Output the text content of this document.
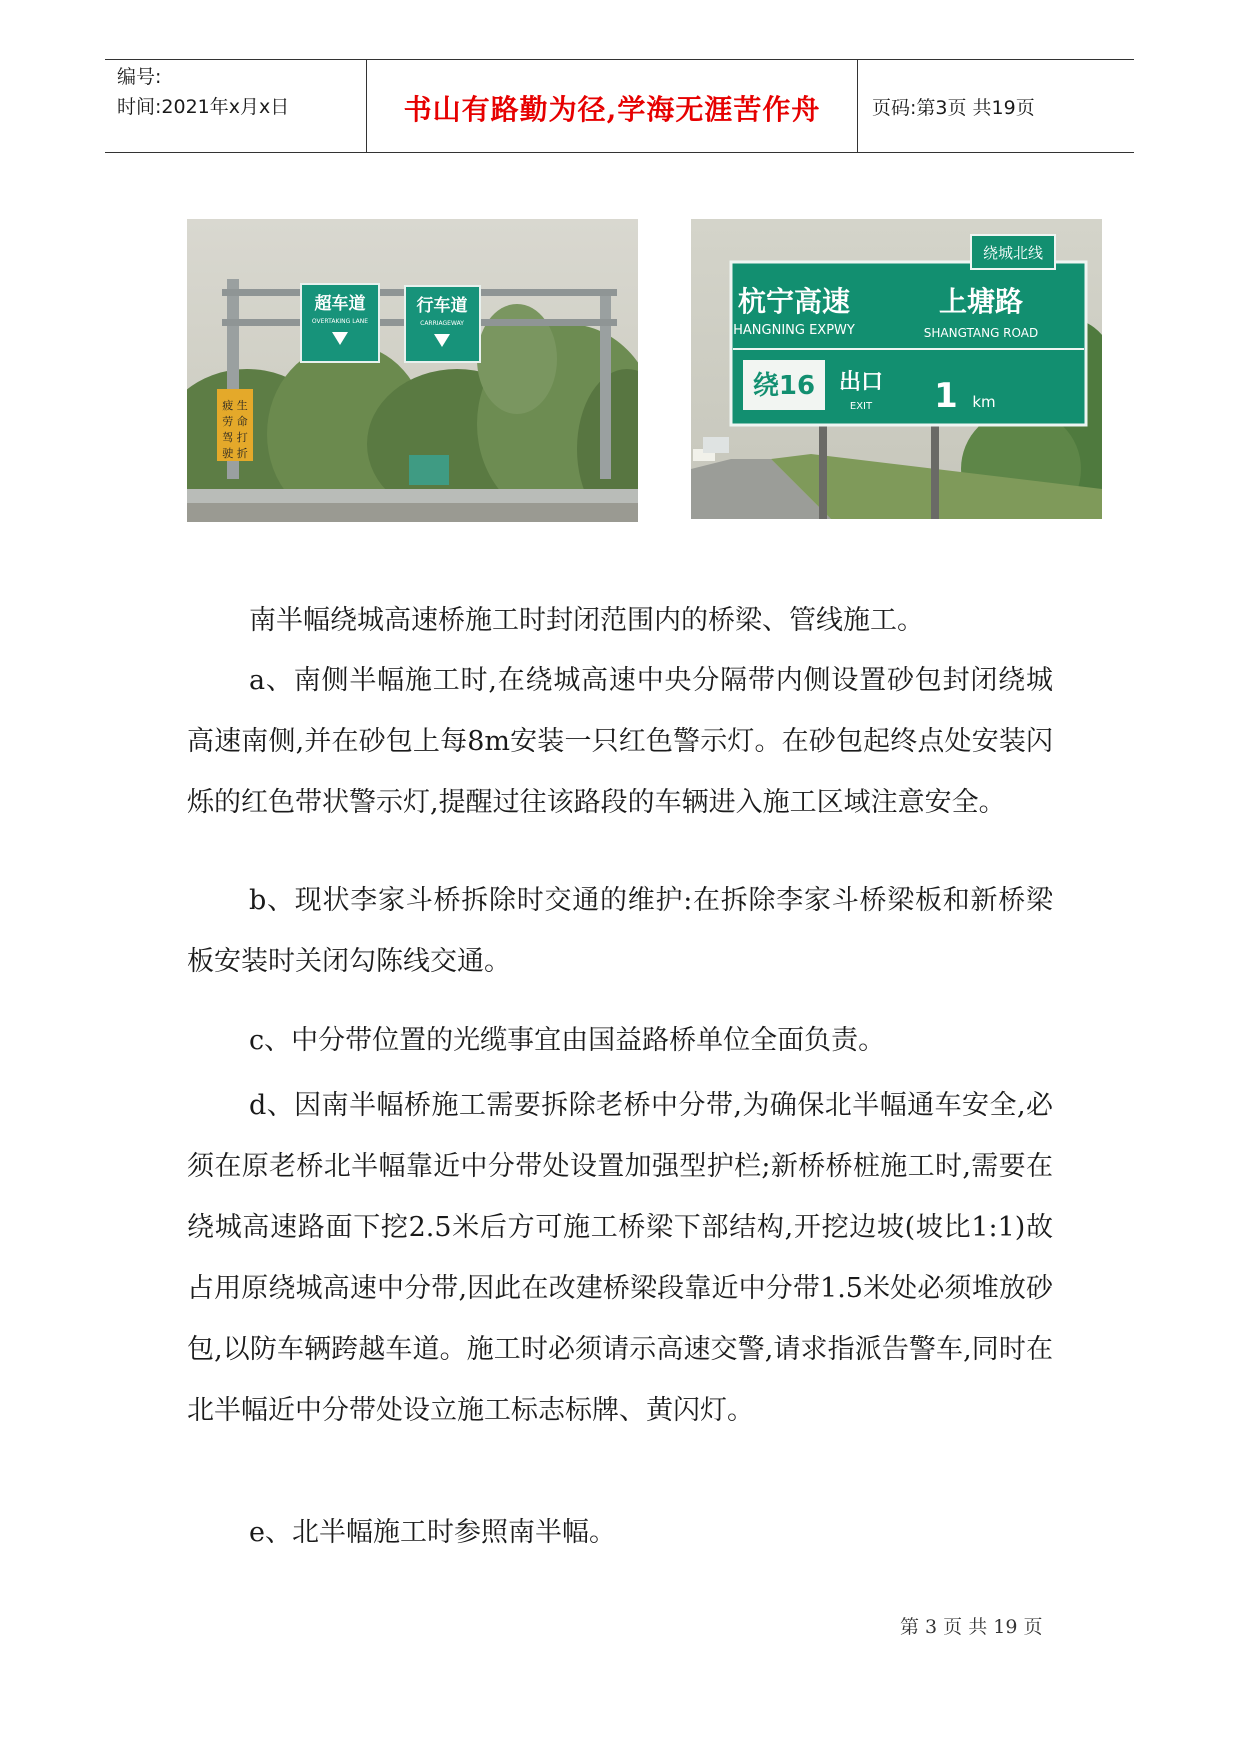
编号:
时间:2021年x月x日	书山有路勤为径,学海无涯苦作舟	页码:第3页 共19页
超车道
OVERTAKING LANE
行车道
CARRIAGEWAY
疲 生
劳 命
驾 打
驶 折
绕城北线
杭宁高速
HANGNING EXPWY
上塘路
SHANGTANG ROAD
绕16 出口
EXIT 1 km
南半幅绕城高速桥施工时封闭范围内的桥梁、管线施工。
a、南侧半幅施工时,在绕城高速中央分隔带内侧设置砂包封闭绕城高速南侧,并在砂包上每8m安装一只红色警示灯。在砂包起终点处安装闪烁的红色带状警示灯,提醒过往该路段的车辆进入施工区域注意安全。
b、现状李家斗桥拆除时交通的维护:在拆除李家斗桥梁板和新桥梁板安装时关闭勾陈线交通。
c、中分带位置的光缆事宜由国益路桥单位全面负责。
d、因南半幅桥施工需要拆除老桥中分带,为确保北半幅通车安全,必须在原老桥北半幅靠近中分带处设置加强型护栏;新桥桥桩施工时,需要在绕城高速路面下挖2.5米后方可施工桥梁下部结构,开挖边坡(坡比1:1)故占用原绕城高速中分带,因此在改建桥梁段靠近中分带1.5米处必须堆放砂包,以防车辆跨越车道。施工时必须请示高速交警,请求指派告警车,同时在北半幅近中分带处设立施工标志标牌、黄闪灯。
e、北半幅施工时参照南半幅。
第 3 页 共 19 页
